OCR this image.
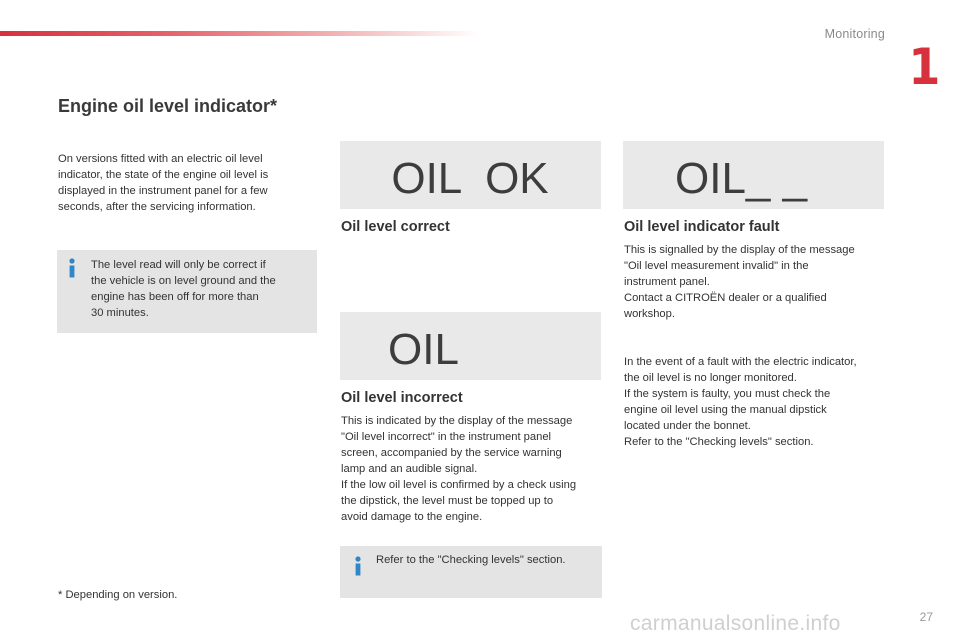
Monitoring
1
Engine oil level indicator*

On versions fitted with an electric oil level
indicator, the state of the engine oil level is
displayed in the instrument panel for a few
seconds, after the servicing information.

The level read will only be correct if
the vehicle is on level ground and the
engine has been off for more than
30 minutes.

OIL  OK
Oil level correct
OIL
Oil level incorrect

This is indicated by the display of the message
"Oil level incorrect" in the instrument panel
screen, accompanied by the service warning
lamp and an audible signal.
If the low oil level is confirmed by a check using
the dipstick, the level must be topped up to
avoid damage to the engine.

Refer to the "Checking levels" section.

OIL_ _
Oil level indicator fault

This is signalled by the display of the message
"Oil level measurement invalid" in the
instrument panel.
Contact a CITROËN dealer or a qualified
workshop.

In the event of a fault with the electric indicator,
the oil level is no longer monitored.
If the system is faulty, you must check the
engine oil level using the manual dipstick
located under the bonnet.
Refer to the "Checking levels" section.

* Depending on version.

carmanualsonline.info	27
